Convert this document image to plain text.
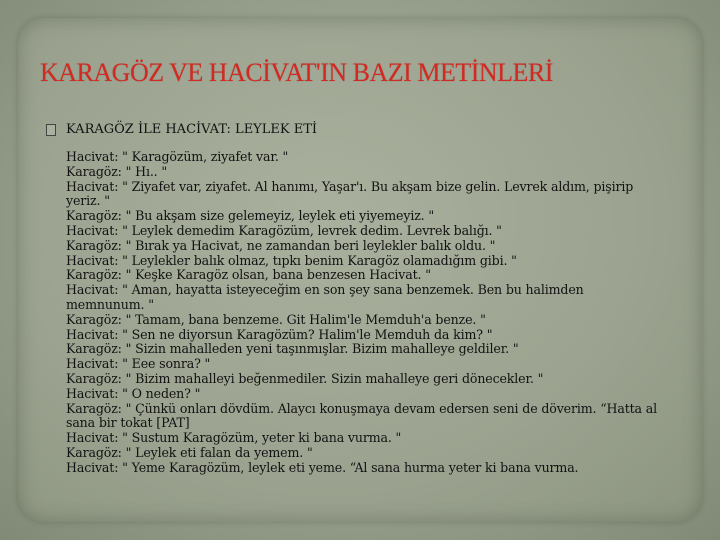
KARAGÖZ VE HACİVAT'IN BAZI METİNLERİ
KARAGÖZ İLE HACİVAT: LEYLEK ETİ
Hacivat: " Karagözüm, ziyafet var. "
Karagöz: " Hı.. "
Hacivat: " Ziyafet var, ziyafet. Al hanımı, Yaşar'ı. Bu akşam bize gelin. Levrek aldım, pişirip
yeriz. "
Karagöz: " Bu akşam size gelemeyiz, leylek eti yiyemeyiz. "
Hacivat: " Leylek demedim Karagözüm, levrek dedim. Levrek balığı. "
Karagöz: " Bırak ya Hacivat, ne zamandan beri leylekler balık oldu. "
Hacivat: " Leylekler balık olmaz, tıpkı benim Karagöz olamadığım gibi. "
Karagöz: " Keşke Karagöz olsan, bana benzesen Hacivat. "
Hacivat: " Aman, hayatta isteyeceğim en son şey sana benzemek. Ben bu halimden
memnunum. "
Karagöz: " Tamam, bana benzeme. Git Halim'le Memduh'a benze. "
Hacivat: " Sen ne diyorsun Karagözüm? Halim'le Memduh da kim? "
Karagöz: " Sizin mahalleden yeni taşınmışlar. Bizim mahalleye geldiler. "
Hacivat: " Eee sonra? "
Karagöz: " Bizim mahalleyi beğenmediler. Sizin mahalleye geri dönecekler. "
Hacivat: " O neden? "
Karagöz: " Çünkü onları dövdüm. Alaycı konuşmaya devam edersen seni de döverim. “Hatta al
sana bir tokat [PAT]
Hacivat: " Sustum Karagözüm, yeter ki bana vurma. "
Karagöz: " Leylek eti falan da yemem. "
Hacivat: " Yeme Karagözüm, leylek eti yeme. “Al sana hurma yeter ki bana vurma.
